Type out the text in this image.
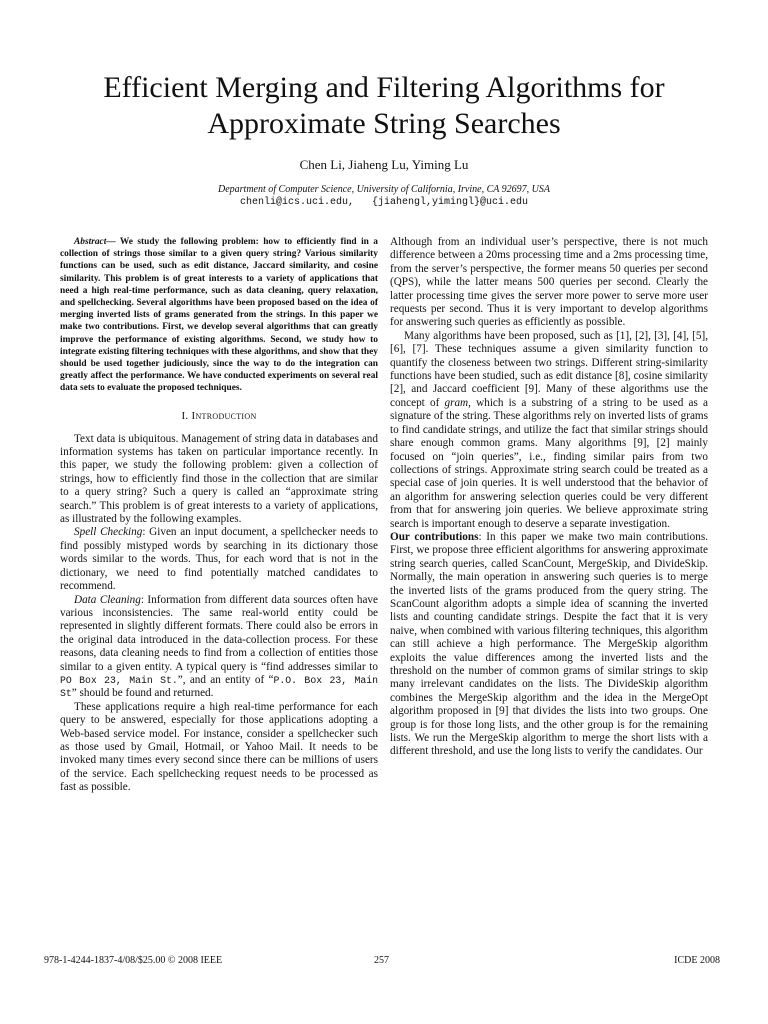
Efficient Merging and Filtering Algorithms for
Approximate String Searches
Chen Li, Jiaheng Lu, Yiming Lu
Department of Computer Science, University of California, Irvine, CA 92697, USA
chenli@ics.uci.edu, {jiahengl,yimingl}@uci.edu

Abstract— We study the following problem: how to efficiently find in a collection of strings those similar to a given query string? Various similarity functions can be used, such as edit distance, Jaccard similarity, and cosine similarity. This problem is of great interests to a variety of applications that need a high real-time performance, such as data cleaning, query relaxation, and spellchecking. Several algorithms have been proposed based on the idea of merging inverted lists of grams generated from the strings. In this paper we make two contributions. First, we develop several algorithms that can greatly improve the performance of existing algorithms. Second, we study how to integrate existing filtering techniques with these algorithms, and show that they should be used together judiciously, since the way to do the integration can greatly affect the performance. We have conducted experiments on several real data sets to evaluate the proposed techniques.

I. Introduction

Text data is ubiquitous. Management of string data in databases and information systems has taken on particular importance recently. In this paper, we study the following problem: given a collection of strings, how to efficiently find those in the collection that are similar to a query string? Such a query is called an “approximate string search.” This problem is of great interests to a variety of applications, as illustrated by the following examples.

Spell Checking: Given an input document, a spellchecker needs to find possibly mistyped words by searching in its dictionary those words similar to the words. Thus, for each word that is not in the dictionary, we need to find potentially matched candidates to recommend.

Data Cleaning: Information from different data sources often have various inconsistencies. The same real-world entity could be represented in slightly different formats. There could also be errors in the original data introduced in the data-collection process. For these reasons, data cleaning needs to find from a collection of entities those similar to a given entity. A typical query is “find addresses similar to PO Box 23, Main St.”, and an entity of “P.O. Box 23, Main St” should be found and returned.

These applications require a high real-time performance for each query to be answered, especially for those applications adopting a Web-based service model. For instance, consider a spellchecker such as those used by Gmail, Hotmail, or Yahoo Mail. It needs to be invoked many times every second since there can be millions of users of the service. Each spellchecking request needs to be processed as fast as possible.

Although from an individual user’s perspective, there is not much difference between a 20ms processing time and a 2ms processing time, from the server’s perspective, the former means 50 queries per second (QPS), while the latter means 500 queries per second. Clearly the latter processing time gives the server more power to serve more user requests per second. Thus it is very important to develop algorithms for answering such queries as efficiently as possible.

Many algorithms have been proposed, such as [1], [2], [3], [4], [5], [6], [7]. These techniques assume a given similarity function to quantify the closeness between two strings. Different string-similarity functions have been studied, such as edit distance [8], cosine similarity [2], and Jaccard coefficient [9]. Many of these algorithms use the concept of gram, which is a substring of a string to be used as a signature of the string. These algorithms rely on inverted lists of grams to find candidate strings, and utilize the fact that similar strings should share enough common grams. Many algorithms [9], [2] mainly focused on “join queries”, i.e., finding similar pairs from two collections of strings. Approximate string search could be treated as a special case of join queries. It is well understood that the behavior of an algorithm for answering selection queries could be very different from that for answering join queries. We believe approximate string search is important enough to deserve a separate investigation.

Our contributions: In this paper we make two main contributions. First, we propose three efficient algorithms for answering approximate string search queries, called ScanCount, MergeSkip, and DivideSkip. Normally, the main operation in answering such queries is to merge the inverted lists of the grams produced from the query string. The ScanCount algorithm adopts a simple idea of scanning the inverted lists and counting candidate strings. Despite the fact that it is very naive, when combined with various filtering techniques, this algorithm can still achieve a high performance. The MergeSkip algorithm exploits the value differences among the inverted lists and the threshold on the number of common grams of similar strings to skip many irrelevant candidates on the lists. The DivideSkip algorithm combines the MergeSkip algorithm and the idea in the MergeOpt algorithm proposed in [9] that divides the lists into two groups. One group is for those long lists, and the other group is for the remaining lists. We run the MergeSkip algorithm to merge the short lists with a different threshold, and use the long lists to verify the candidates. Our

978-1-4244-1837-4/08/$25.00 © 2008 IEEE	257	ICDE 2008
